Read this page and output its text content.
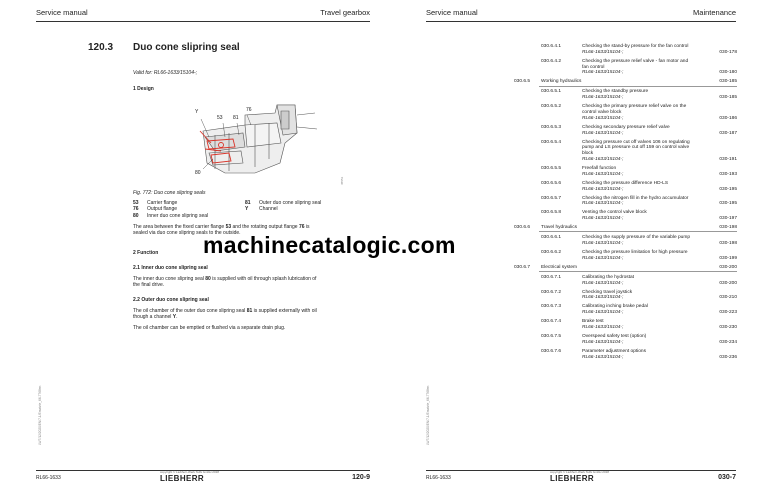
Service manual	Travel gearbox
120.3 Duo cone slipring seal
Valid for: RL66-1633/15104-;
1 Design
Y
53 81
76
80
45551
Fig. 772: Duo cone slipring seals
53 Carrier flange	81 Outer duo cone slipring seal
76 Output flange	Y Channel
80 Inner duo cone slipring seal
The area between the fixed carrier flange 53 and the rotating output flange 76 is
sealed via duo cone slipring seals to the outside.
2 Function
2.1 Inner duo cone slipring seal
The inner duo cone slipring seal 80 is supplied with oil through splash lubrication of
the final drive.
2.2 Outer duo cone slipring seal
The oil chamber of the outer duo cone slipring seal 81 is supplied externally with oil
though a channel Y.
The oil chamber can be emptied or flushed via a separate drain plug.
LWT/12/2020/EN/7-1/Ersatzte_66-7768en
RL66-1633
copyright © Liebherr-Werk Telfs GmbH 2018
LIEBHERR	120-9
Service manual	Maintenance
030.6.4.1	Checking the stand-by pressure for the fan control
RL66-1633/15104-;	030-178
030.6.4.2	Checking the pressure relief valve - fan motor and
fan control
RL66-1633/15104-;	030-180
030.6.5 Working hydraulics	030-185
030.6.5.1	Checking the standby pressure
RL66-1633/15104-;	030-185
030.6.5.2	Checking the primary pressure relief valve on the
control valve block
RL66-1633/15104-;	030-186
030.6.5.3	Checking secondary pressure relief valve
RL66-1633/15104-;	030-187
030.6.5.4	Checking pressure cut off valves 106 on regulating
pump and LS pressure cut off 159 on control valve
block
RL66-1633/15104-;	030-191
030.6.5.5	Freefall function
RL66-1633/15104-;	030-193
030.6.5.6	Checking the pressure difference HD-LS
RL66-1633/15104-;	030-195
030.6.5.7	Checking the nitrogen fill in the hydro accumulator
RL66-1633/15104-;	030-195
030.6.5.8	Venting the control valve block
RL66-1633/15104-;	030-197
030.6.6 Travel hydraulics	030-198
030.6.6.1	Checking the supply pressure of the variable pump
RL66-1633/15104-;	030-198
030.6.6.2	Checking the pressure limitation for high pressure
RL66-1633/15104-;	030-199
030.6.7 Electrical system	030-200
030.6.7.1	Calibrating the hydrostat
RL66-1633/15104-;	030-200
030.6.7.2	Checking travel joystick
RL66-1633/15104-;	030-210
030.6.7.3	Calibrating inching brake pedal
RL66-1633/15104-;	030-223
030.6.7.4	Brake test
RL66-1633/15104-;	030-230
030.6.7.5	Overspeed safety test (option)
RL66-1633/15104-;	030-234
030.6.7.6	Parameter adjustment options
RL66-1633/15104-;	030-236
LWT/12/2020/EN/7-1/Ersatzte_66-7768en
RL66-1633
copyright © Liebherr-Werk Telfs GmbH 2018
LIEBHERR	030-7
machinecatalogic.com
